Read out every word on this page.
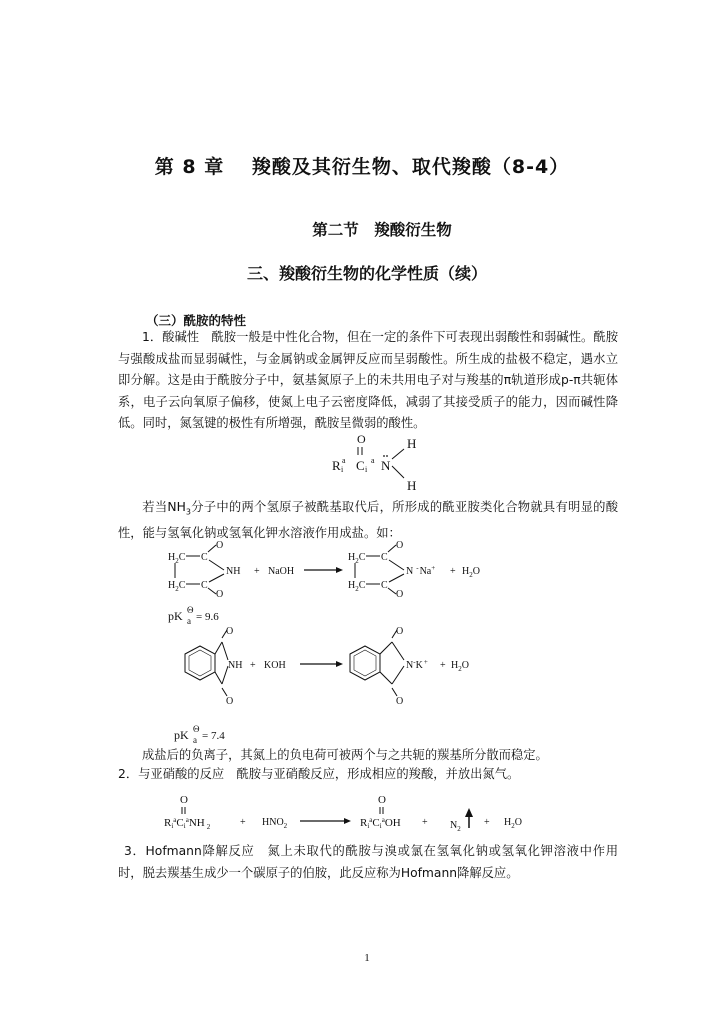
第 8 章　 羧酸及其衍生物、取代羧酸（8-4）
第二节　羧酸衍生物
三、羧酸衍生物的化学性质（续）
（三）酰胺的特性
1．酸碱性　酰胺一般是中性化合物，但在一定的条件下可表现出弱酸性和弱碱性。酰胺与强酸成盐而显弱碱性，与金属钠或金属钾反应而呈弱酸性。所生成的盐极不稳定，遇水立即分解。这是由于酰胺分子中，氨基氮原子上的未共用电子对与羧基的π轨道形成p-π共轭体系，电子云向氧原子偏移，使氮上电子云密度降低，减弱了其接受质子的能力，因而碱性降低。同时，氮氢键的极性有所增强，酰胺呈微弱的酸性。
O
R i
a C i
a N
H
H
若当$NH_3$分子中的两个氢原子被酰基取代后，所形成的酰亚胺类化合物就具有明显的酸性，能与氢氧化钠或氢氧化钾水溶液作用成盐。如：
$H_2C$ C
O
$H_2C$ C
O
NH + NaOH
$H_2C$ C
O
$H_2C$ C
O
N $^-Na^+ + H_2O$
pK a
Θ
= 9.6
O
O
NH + KOH
O
O
$N^-K^+ + H_2O$
pK a
Θ
= 7.4
成盐后的负离子，其氮上的负电荷可被两个与之共轭的羰基所分散而稳定。
2．与亚硝酸的反应　酰胺与亚硝酸反应，形成相应的羧酸，并放出氮气。
O
Ri$^a$Ci$^a$NH $_2$	+ $HNO_2$
O
$Ri^aCi^aOH + N_2$
+ $H_2O$
3．Hofmann降解反应　氮上未取代的酰胺与溴或氯在氢氧化钠或氢氧化钾溶液中作用时，脱去羰基生成少一个碳原子的伯胺，此反应称为Hofmann降解反应。
1
